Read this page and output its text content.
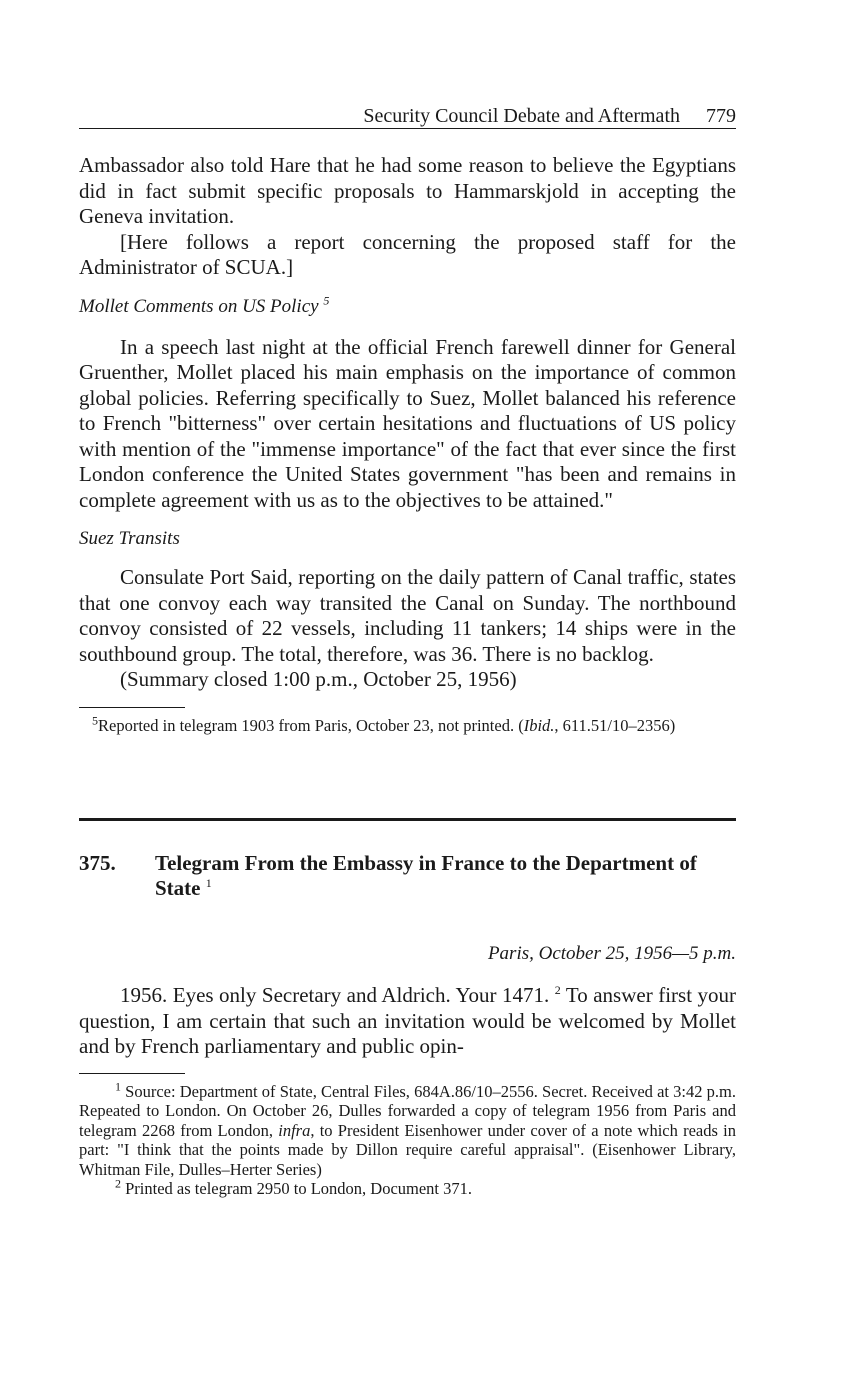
Security Council Debate and Aftermath 779

Ambassador also told Hare that he had some reason to believe the Egyptians did in fact submit specific proposals to Hammarskjold in accepting the Geneva invitation.

[Here follows a report concerning the proposed staff for the Administrator of SCUA.]

Mollet Comments on US Policy $^5$

In a speech last night at the official French farewell dinner for General Gruenther, Mollet placed his main emphasis on the importance of common global policies. Referring specifically to Suez, Mollet balanced his reference to French "bitterness" over certain hesitations and fluctuations of US policy with mention of the "immense importance" of the fact that ever since the first London conference the United States government "has been and remains in complete agreement with us as to the objectives to be attained."

Suez Transits

Consulate Port Said, reporting on the daily pattern of Canal traffic, states that one convoy each way transited the Canal on Sunday. The northbound convoy consisted of 22 vessels, including 11 tankers; 14 ships were in the southbound group. The total, therefore, was 36. There is no backlog.

(Summary closed 1:00 p.m., October 25, 1956)

$^5$Reported in telegram 1903 from Paris, October 23, not printed. (Ibid., 611.51/10–2356)

375.	Telegram From the Embassy in France to the Department of State $^1$
Paris, October 25, 1956—5 p.m.

1956. Eyes only Secretary and Aldrich. Your 1471. $^2$ To answer first your question, I am certain that such an invitation would be welcomed by Mollet and by French parliamentary and public opin-

$^1$ Source: Department of State, Central Files, 684A.86/10–2556. Secret. Received at 3:42 p.m. Repeated to London. On October 26, Dulles forwarded a copy of telegram 1956 from Paris and telegram 2268 from London, infra, to President Eisenhower under cover of a note which reads in part: "I think that the points made by Dillon require careful appraisal". (Eisenhower Library, Whitman File, Dulles–Herter Series)

$^2$ Printed as telegram 2950 to London, Document 371.
